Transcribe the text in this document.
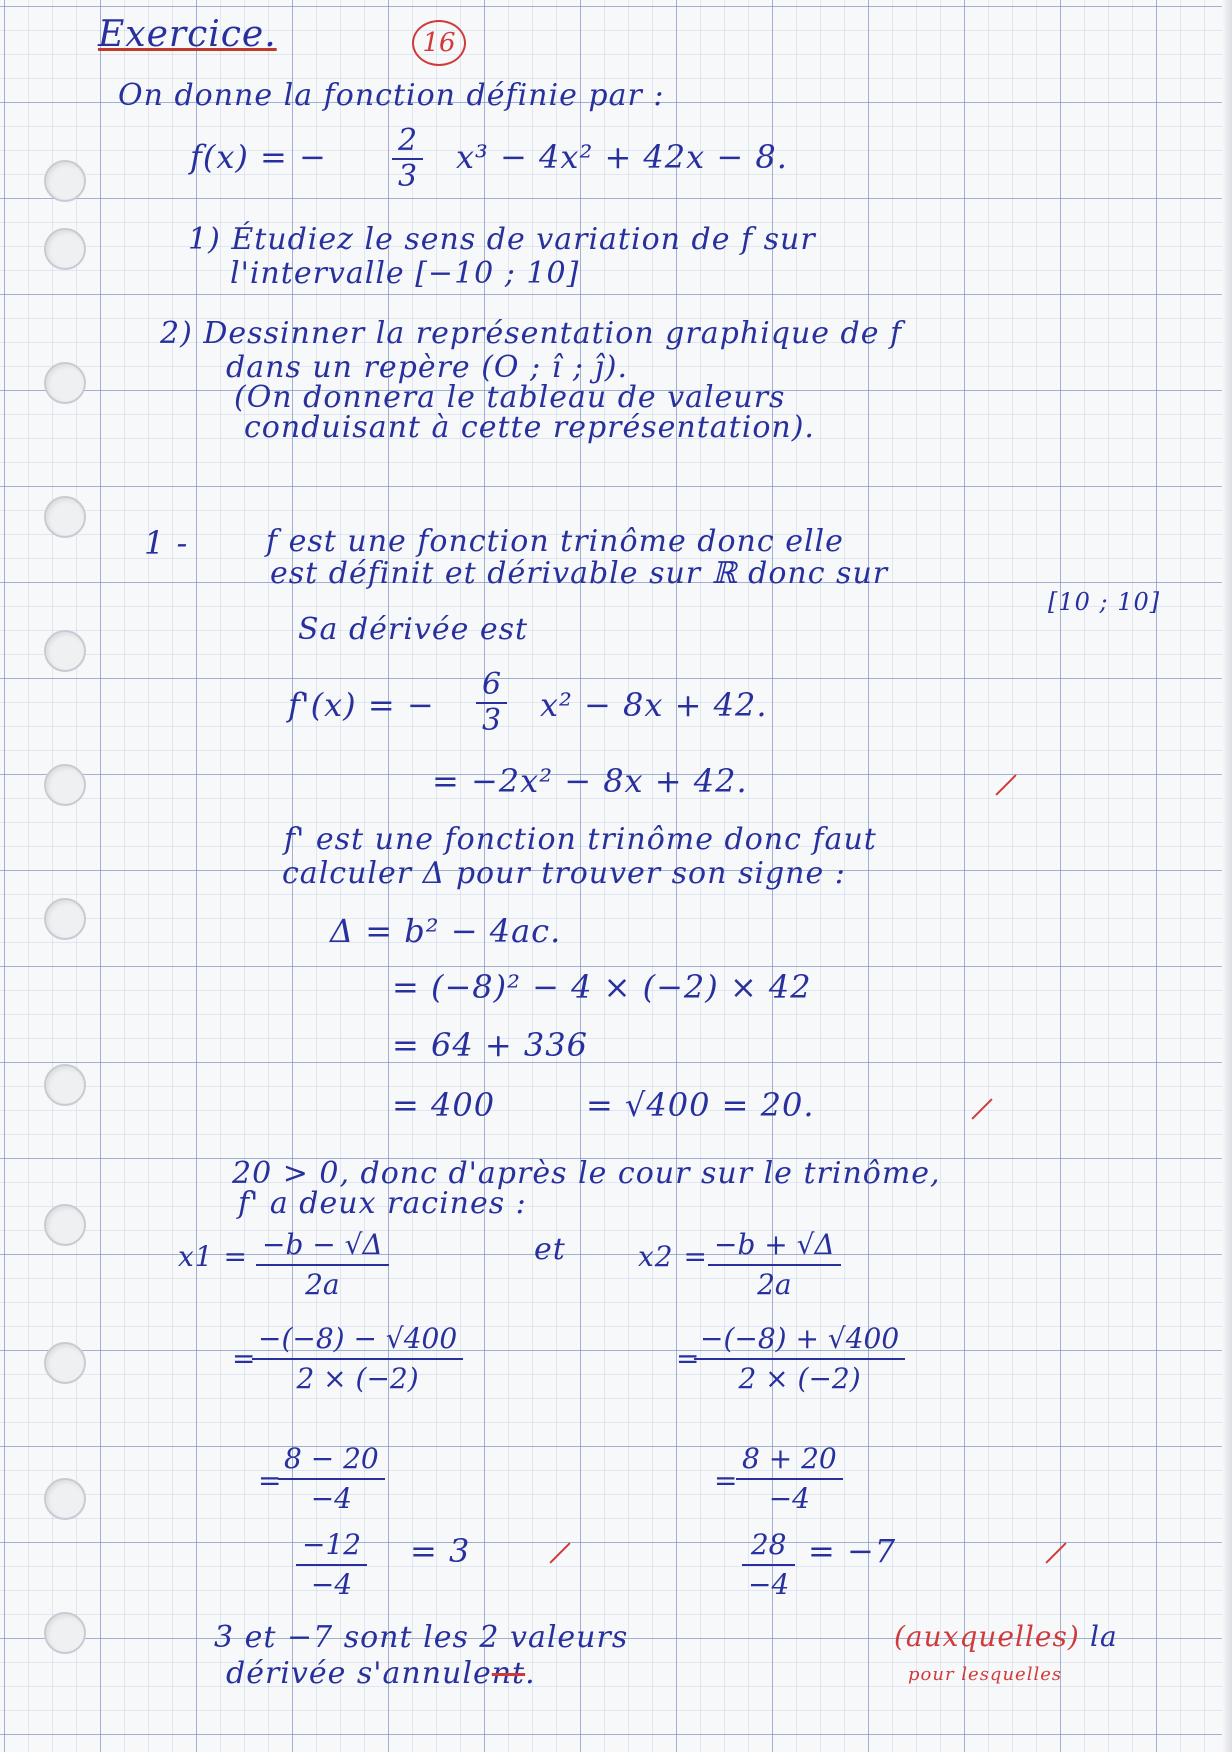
Exercice.	16
On donne la fonction définie par :
f(x) = − $\frac{2}{3} x^3 - 4x^2 + 42x - 8$.
1) Étudiez le sens de variation de f sur
l'intervalle [−10 ; 10]
2) Dessinner la représentation graphique de f
dans un repère (O ; î ; ĵ).
(On donnera le tableau de valeurs
conduisant à cette représentation).
1 -	f est une fonction trinôme donc elle
est définit et dérivable sur ℝ donc sur
[10 ; 10]
Sa dérivée est
f'(x) = − $\frac{6}{3} x^2 - 8x + 42$.
= −2x² − 8x + 42.
f' est une fonction trinôme donc faut
calculer Δ pour trouver son signe :
Δ = b² − 4ac.
= (−8)² − 4 × (−2) × 42
= 64 + 336
= 400	= √400 = 20.
20 > 0, donc d'après le cour sur le trinôme,
f' a deux racines :
$x1 = \frac{-b - √\Delta}{2a}$	et	$x2 = \frac{-b + √\Delta}{2a}$
=
$\frac{-(-8) - √400}{2 \times (-2)}$	=
$\frac{-(-8) + √400}{2 \times (-2)}$
=
$\frac{8 - 20}{-4}$	=
$\frac{8 + 20}{-4}$
$\frac{-12}{-4} = 3$	$\frac{28}{-4} = -7$
3 et −7 sont les 2 valeurs	(auxquelles) la
dérivée s'annulent.	pour lesquelles
